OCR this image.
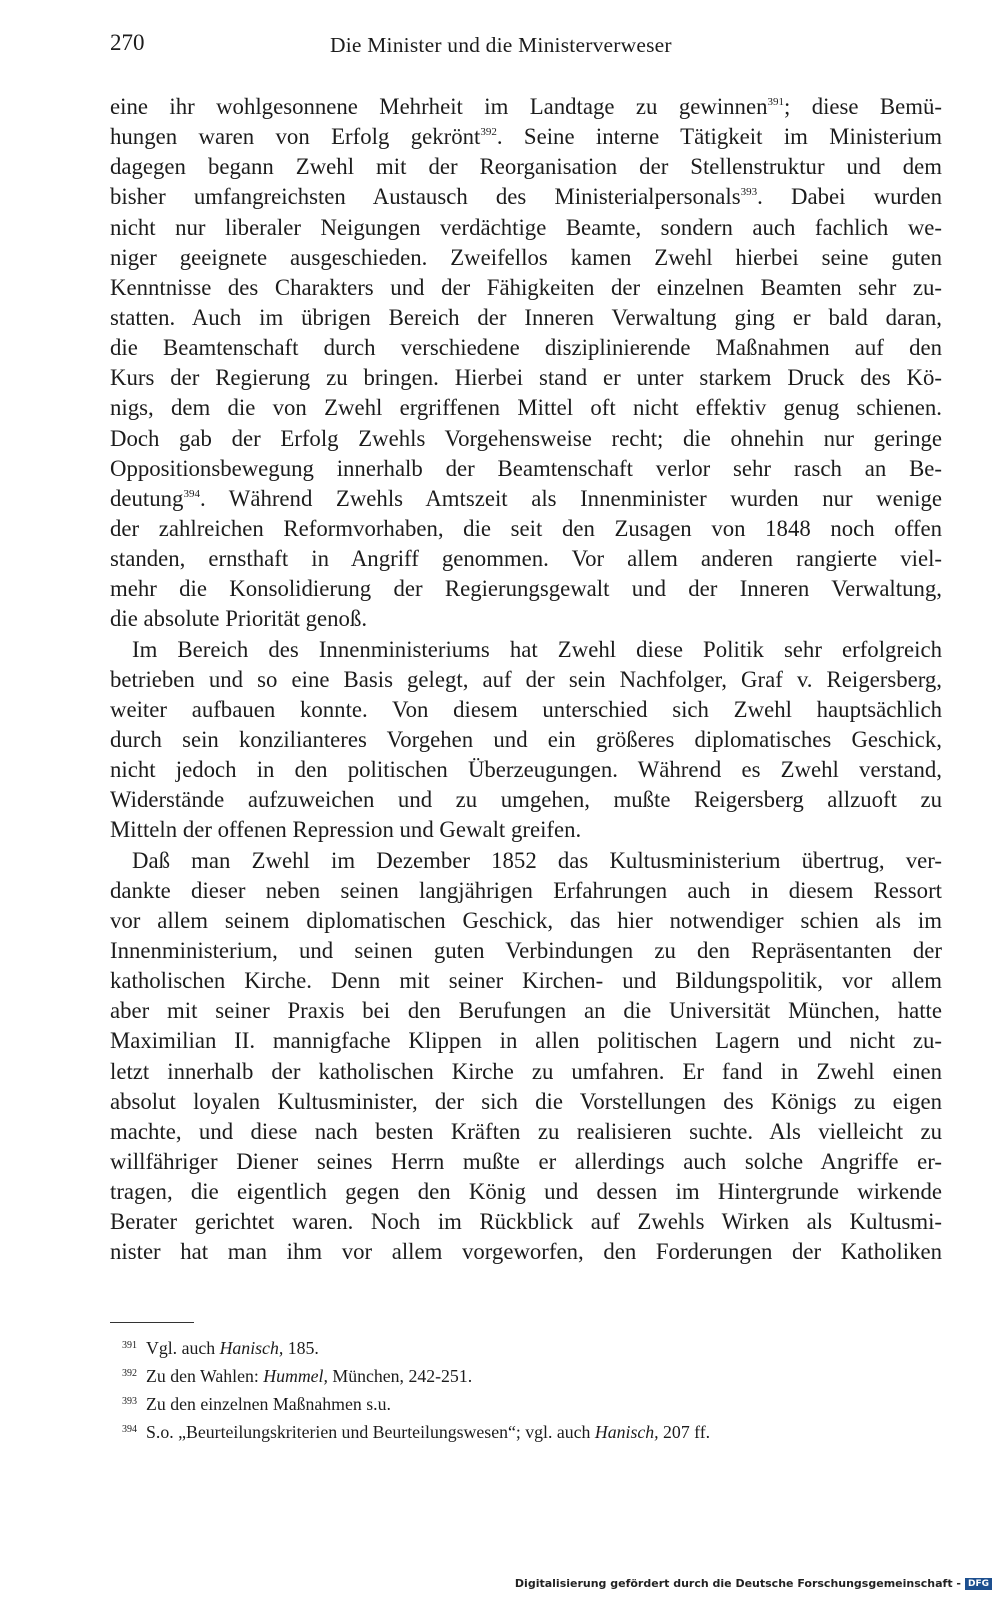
270	Die Minister und die Ministerverweser
eine ihr wohlgesonnene Mehrheit im Landtage zu gewinnen$^{391}$; diese Bemü-
hungen waren von Erfolg gekrönt$^{392}$. Seine interne Tätigkeit im Ministerium
dagegen begann Zwehl mit der Reorganisation der Stellenstruktur und dem
bisher umfangreichsten Austausch des Ministerialpersonals$^{393}$. Dabei wurden
nicht nur liberaler Neigungen verdächtige Beamte, sondern auch fachlich we-
niger geeignete ausgeschieden. Zweifellos kamen Zwehl hierbei seine guten
Kenntnisse des Charakters und der Fähigkeiten der einzelnen Beamten sehr zu-
statten. Auch im übrigen Bereich der Inneren Verwaltung ging er bald daran,
die Beamtenschaft durch verschiedene disziplinierende Maßnahmen auf den
Kurs der Regierung zu bringen. Hierbei stand er unter starkem Druck des Kö-
nigs, dem die von Zwehl ergriffenen Mittel oft nicht effektiv genug schienen.
Doch gab der Erfolg Zwehls Vorgehensweise recht; die ohnehin nur geringe
Oppositionsbewegung innerhalb der Beamtenschaft verlor sehr rasch an Be-
deutung$^{394}$. Während Zwehls Amtszeit als Innenminister wurden nur wenige
der zahlreichen Reformvorhaben, die seit den Zusagen von 1848 noch offen
standen, ernsthaft in Angriff genommen. Vor allem anderen rangierte viel-
mehr die Konsolidierung der Regierungsgewalt und der Inneren Verwaltung,
die absolute Priorität genoß.
Im Bereich des Innenministeriums hat Zwehl diese Politik sehr erfolgreich
betrieben und so eine Basis gelegt, auf der sein Nachfolger, Graf v. Reigersberg,
weiter aufbauen konnte. Von diesem unterschied sich Zwehl hauptsächlich
durch sein konzilianteres Vorgehen und ein größeres diplomatisches Geschick,
nicht jedoch in den politischen Überzeugungen. Während es Zwehl verstand,
Widerstände aufzuweichen und zu umgehen, mußte Reigersberg allzuoft zu
Mitteln der offenen Repression und Gewalt greifen.
Daß man Zwehl im Dezember 1852 das Kultusministerium übertrug, ver-
dankte dieser neben seinen langjährigen Erfahrungen auch in diesem Ressort
vor allem seinem diplomatischen Geschick, das hier notwendiger schien als im
Innenministerium, und seinen guten Verbindungen zu den Repräsentanten der
katholischen Kirche. Denn mit seiner Kirchen- und Bildungspolitik, vor allem
aber mit seiner Praxis bei den Berufungen an die Universität München, hatte
Maximilian II. mannigfache Klippen in allen politischen Lagern und nicht zu-
letzt innerhalb der katholischen Kirche zu umfahren. Er fand in Zwehl einen
absolut loyalen Kultusminister, der sich die Vorstellungen des Königs zu eigen
machte, und diese nach besten Kräften zu realisieren suchte. Als vielleicht zu
willfähriger Diener seines Herrn mußte er allerdings auch solche Angriffe er-
tragen, die eigentlich gegen den König und dessen im Hintergrunde wirkende
Berater gerichtet waren. Noch im Rückblick auf Zwehls Wirken als Kultusmi-
nister hat man ihm vor allem vorgeworfen, den Forderungen der Katholiken
$^{391}$ Vgl. auch Hanisch, 185.
$^{392}$ Zu den Wahlen: Hummel, München, 242-251.
$^{393}$ Zu den einzelnen Maßnahmen s.u.
$^{394}$ S.o. „Beurteilungskriterien und Beurteilungswesen“; vgl. auch Hanisch, 207 ff.
Digitalisierung gefördert durch die Deutsche Forschungsgemeinschaft - DFG
